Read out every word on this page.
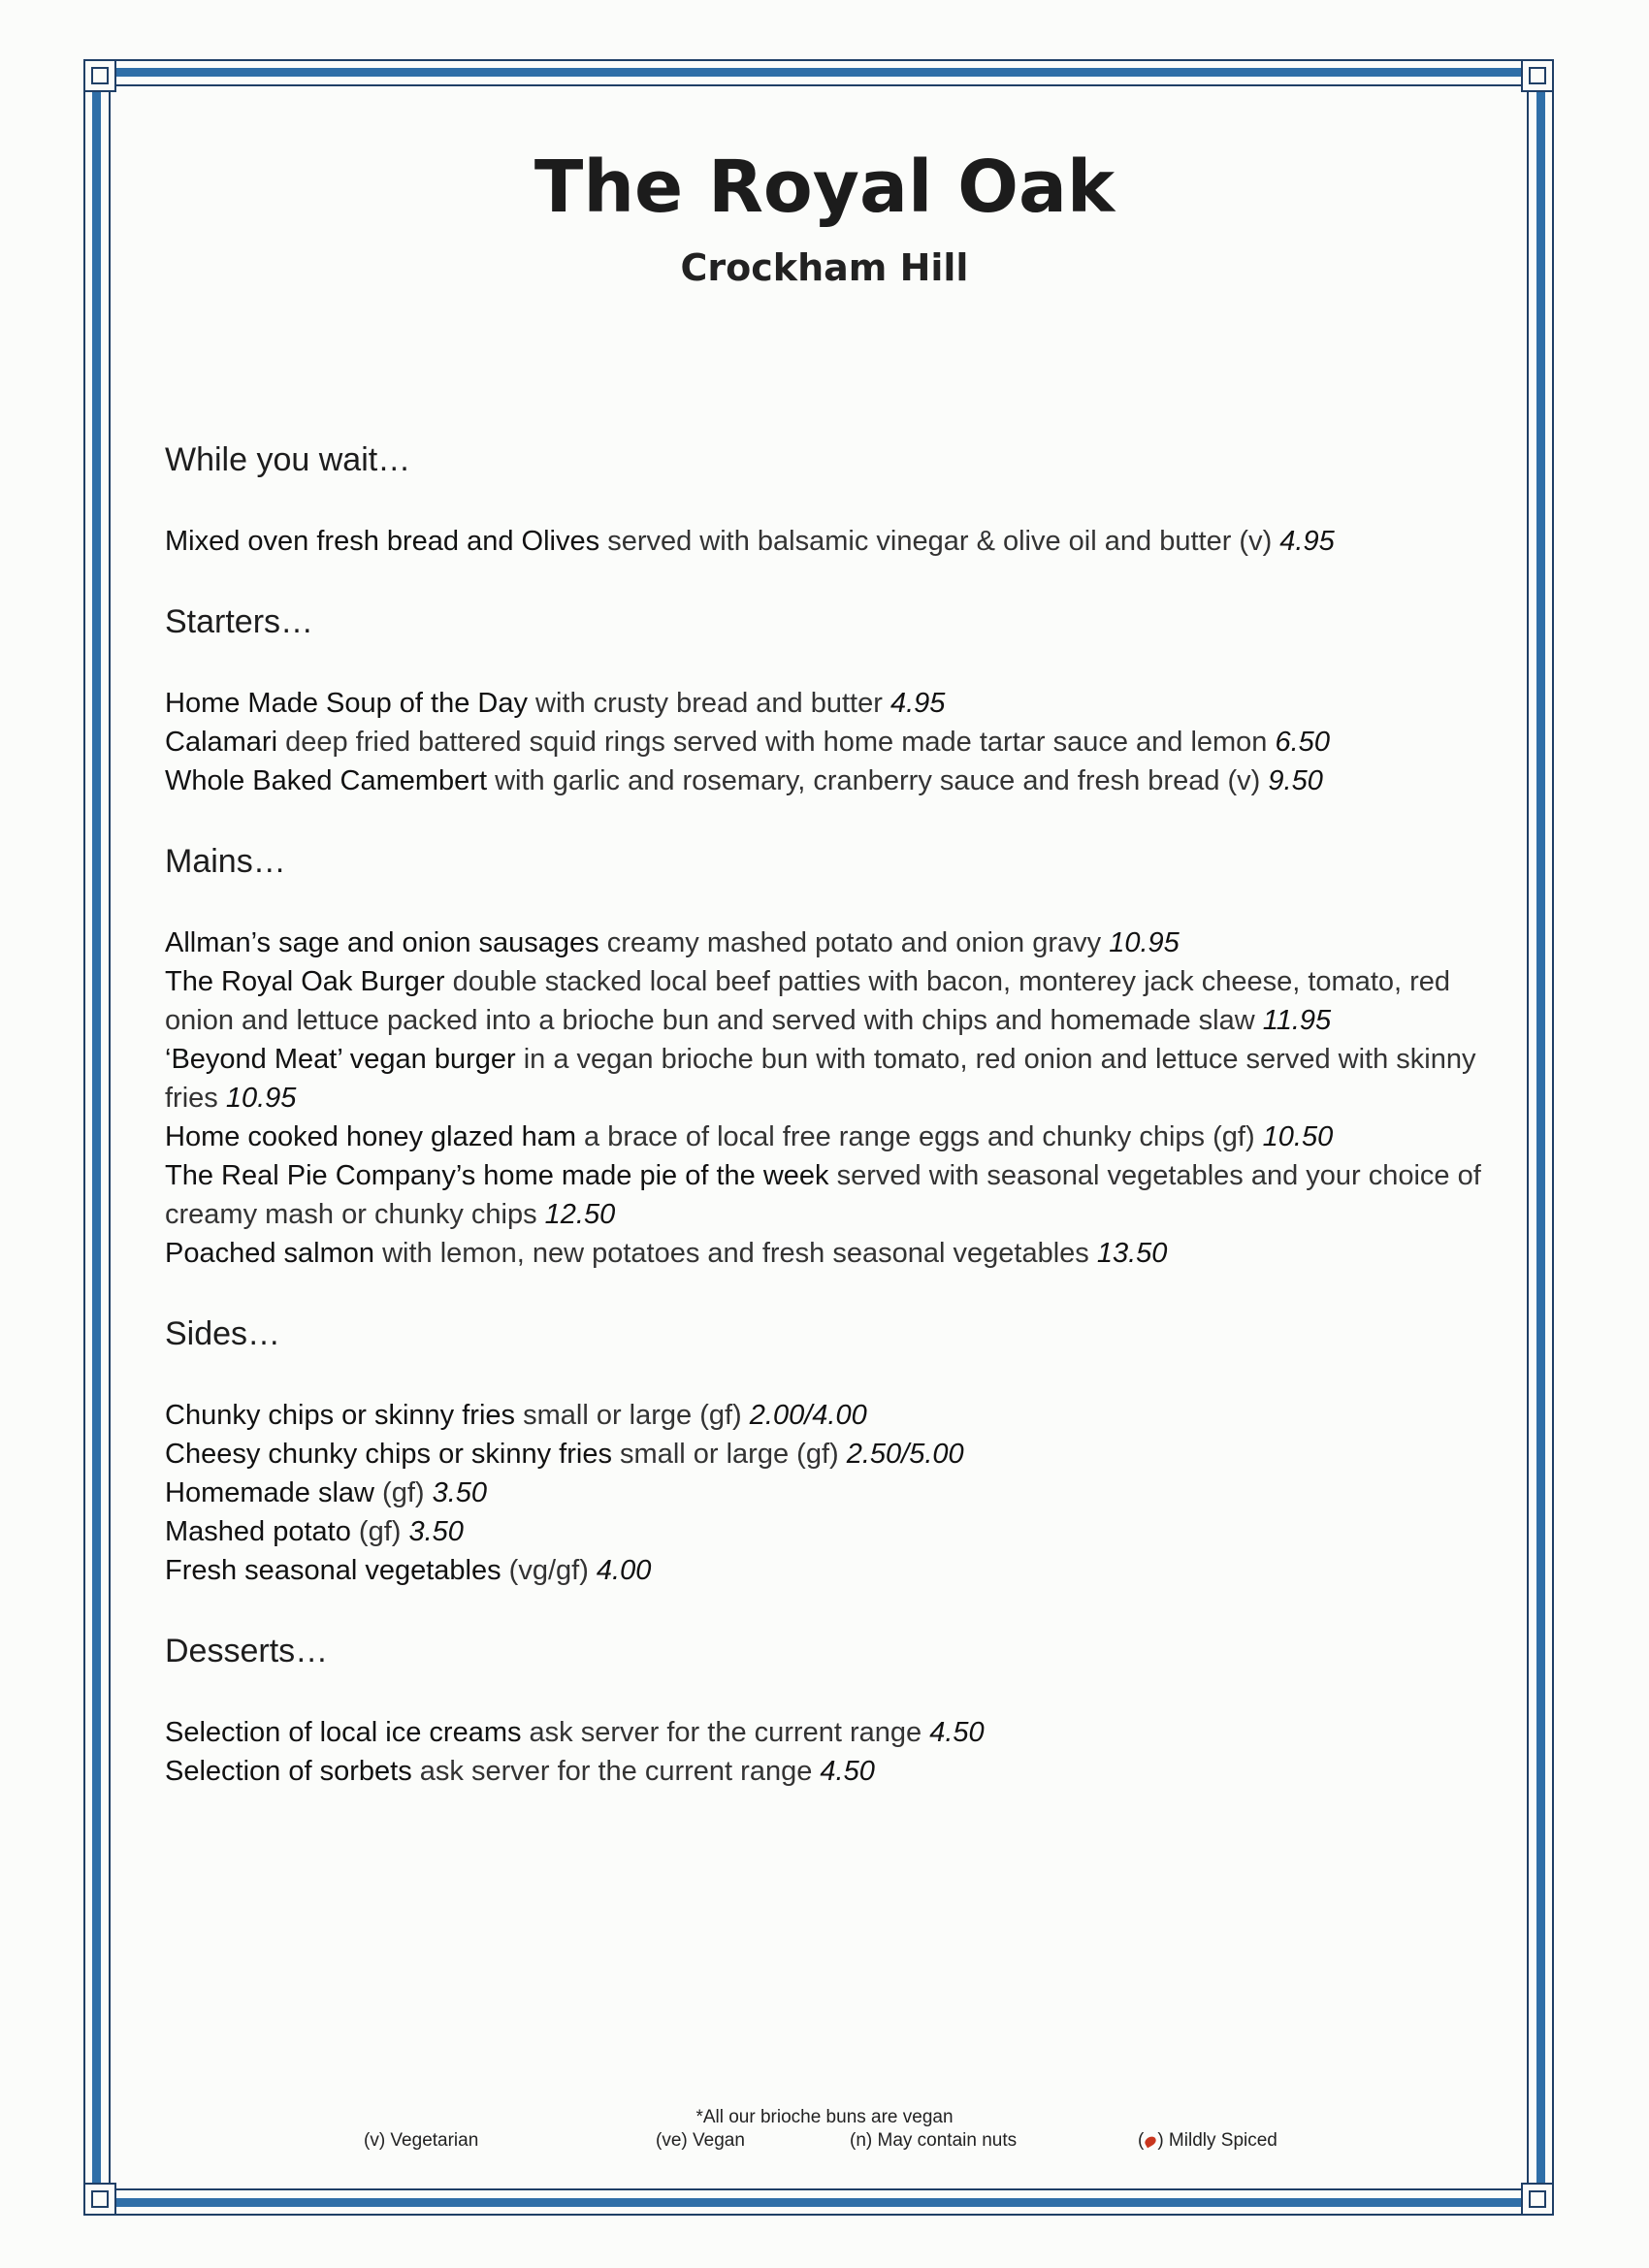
The Royal Oak
Crockham Hill
While you wait…
Mixed oven fresh bread and Olives served with balsamic vinegar & olive oil and butter (v) 4.95
Starters…
Home Made Soup of the Day with crusty bread and butter 4.95
Calamari deep fried battered squid rings served with home made tartar sauce and lemon 6.50
Whole Baked Camembert with garlic and rosemary, cranberry sauce and fresh bread (v) 9.50
Mains…
Allman’s sage and onion sausages creamy mashed potato and onion gravy 10.95
The Royal Oak Burger double stacked local beef patties with bacon, monterey jack cheese, tomato, red onion and lettuce packed into a brioche bun and served with chips and homemade slaw 11.95
‘Beyond Meat’ vegan burger in a vegan brioche bun with tomato, red onion and lettuce served with skinny fries 10.95
Home cooked honey glazed ham a brace of local free range eggs and chunky chips (gf) 10.50
The Real Pie Company’s home made pie of the week served with seasonal vegetables and your choice of creamy mash or chunky chips 12.50
Poached salmon with lemon, new potatoes and fresh seasonal vegetables 13.50
Sides…
Chunky chips or skinny fries small or large (gf) 2.00/4.00
Cheesy chunky chips or skinny fries small or large (gf) 2.50/5.00
Homemade slaw (gf) 3.50
Mashed potato (gf) 3.50
Fresh seasonal vegetables (vg/gf) 4.00
Desserts…
Selection of local ice creams ask server for the current range 4.50
Selection of sorbets ask server for the current range 4.50
*All our brioche buns are vegan
(v) Vegetarian	(ve) Vegan	(n) May contain nuts	( ) Mildly Spiced
